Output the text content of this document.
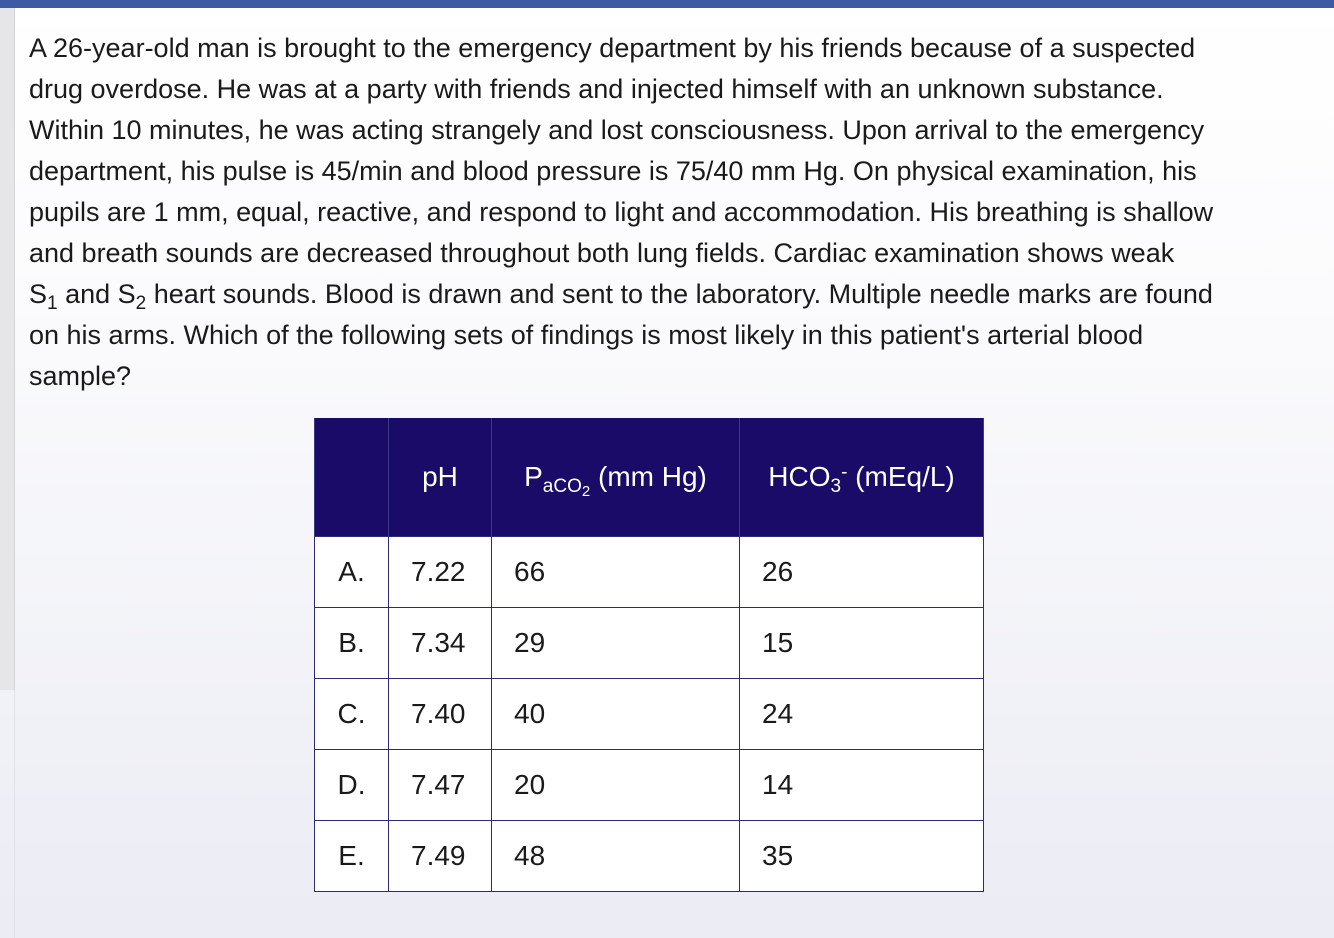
A 26-year-old man is brought to the emergency department by his friends because of a suspected drug overdose. He was at a party with friends and injected himself with an unknown substance. Within 10 minutes, he was acting strangely and lost consciousness. Upon arrival to the emergency department, his pulse is 45/min and blood pressure is 75/40 mm Hg. On physical examination, his pupils are 1 mm, equal, reactive, and respond to light and accommodation. His breathing is shallow and breath sounds are decreased throughout both lung fields. Cardiac examination shows weak $S_1$ and $S_2$ heart sounds. Blood is drawn and sent to the laboratory. Multiple needle marks are found on his arms. Which of the following sets of findings is most likely in this patient's arterial blood sample?

	pH	$P_{aCO_2}$ (mm Hg)	$HCO_3^-$ (mEq/L)
A.	7.22	66	26
B.	7.34	29	15
C.	7.40	40	24
D.	7.47	20	14
E.	7.49	48	35
